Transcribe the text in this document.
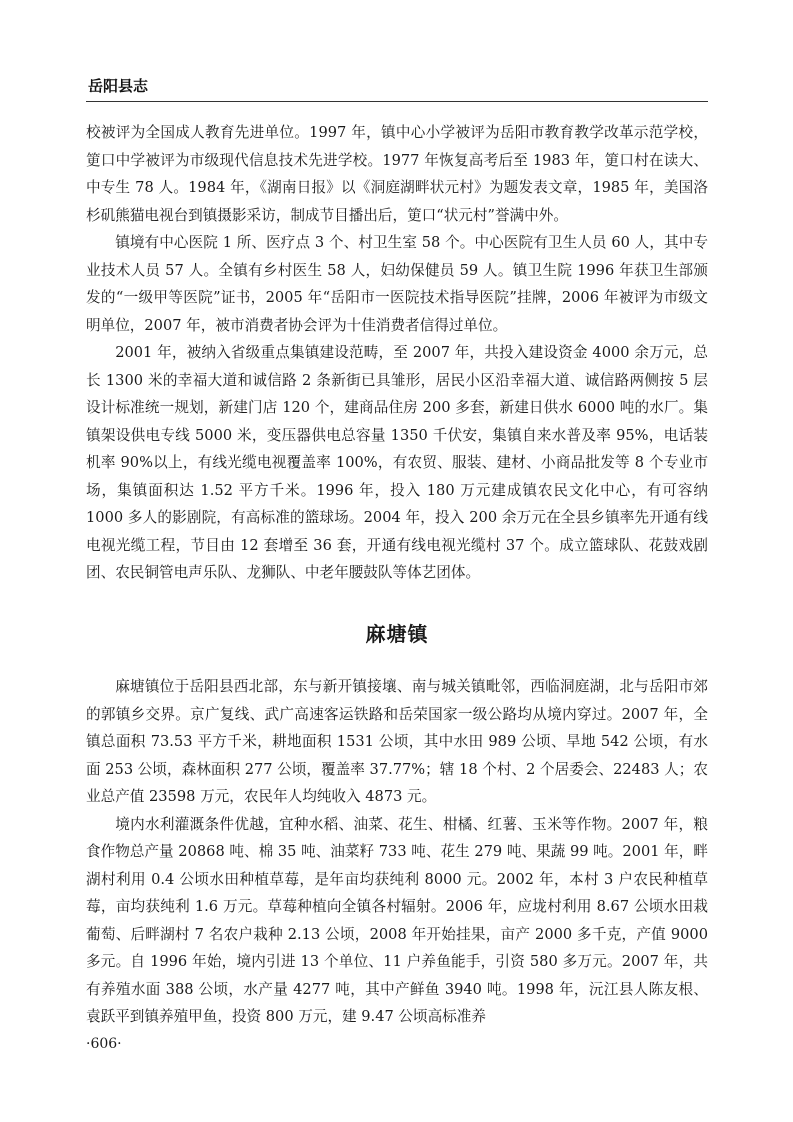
岳阳县志

校被评为全国成人教育先进单位。1997 年，镇中心小学被评为岳阳市教育教学改革示范学校，筻口中学被评为市级现代信息技术先进学校。1977 年恢复高考后至 1983 年，筻口村在读大、中专生 78 人。1984 年，《湖南日报》以《洞庭湖畔状元村》为题发表文章，1985 年，美国洛杉矶熊猫电视台到镇摄影采访，制成节目播出后，筻口“状元村”誉满中外。

镇境有中心医院 1 所、医疗点 3 个、村卫生室 58 个。中心医院有卫生人员 60 人，其中专业技术人员 57 人。全镇有乡村医生 58 人，妇幼保健员 59 人。镇卫生院 1996 年获卫生部颁发的“一级甲等医院”证书，2005 年“岳阳市一医院技术指导医院”挂牌，2006 年被评为市级文明单位，2007 年，被市消费者协会评为十佳消费者信得过单位。

2001 年，被纳入省级重点集镇建设范畴，至 2007 年，共投入建设资金 4000 余万元，总长 1300 米的幸福大道和诚信路 2 条新街已具雏形，居民小区沿幸福大道、诚信路两侧按 5 层设计标准统一规划，新建门店 120 个，建商品住房 200 多套，新建日供水 6000 吨的水厂。集镇架设供电专线 5000 米，变压器供电总容量 1350 千伏安，集镇自来水普及率 95%，电话装机率 90%以上，有线光缆电视覆盖率 100%，有农贸、服装、建材、小商品批发等 8 个专业市场，集镇面积达 1.52 平方千米。1996 年，投入 180 万元建成镇农民文化中心，有可容纳 1000 多人的影剧院，有高标准的篮球场。2004 年，投入 200 余万元在全县乡镇率先开通有线电视光缆工程，节目由 12 套增至 36 套，开通有线电视光缆村 37 个。成立篮球队、花鼓戏剧团、农民铜管电声乐队、龙狮队、中老年腰鼓队等体艺团体。

麻塘镇

麻塘镇位于岳阳县西北部，东与新开镇接壤、南与城关镇毗邻，西临洞庭湖，北与岳阳市郊的郭镇乡交界。京广复线、武广高速客运铁路和岳荣国家一级公路均从境内穿过。2007 年，全镇总面积 73.53 平方千米，耕地面积 1531 公顷，其中水田 989 公顷、旱地 542 公顷，有水面 253 公顷，森林面积 277 公顷，覆盖率 37.77%；辖 18 个村、2 个居委会、22483 人；农业总产值 23598 万元，农民年人均纯收入 4873 元。

境内水利灌溉条件优越，宜种水稻、油菜、花生、柑橘、红薯、玉米等作物。2007 年，粮食作物总产量 20868 吨、棉 35 吨、油菜籽 733 吨、花生 279 吨、果蔬 99 吨。2001 年，畔湖村利用 0.4 公顷水田种植草莓，是年亩均获纯利 8000 元。2002 年，本村 3 户农民种植草莓，亩均获纯利 1.6 万元。草莓种植向全镇各村辐射。2006 年，应垅村利用 8.67 公顷水田栽葡萄、后畔湖村 7 名农户栽种 2.13 公顷，2008 年开始挂果，亩产 2000 多千克，产值 9000 多元。自 1996 年始，境内引进 13 个单位、11 户养鱼能手，引资 580 多万元。2007 年，共有养殖水面 388 公顷，水产量 4277 吨，其中产鲜鱼 3940 吨。1998 年，沅江县人陈友根、袁跃平到镇养殖甲鱼，投资 800 万元，建 9.47 公顷高标准养

·606·
